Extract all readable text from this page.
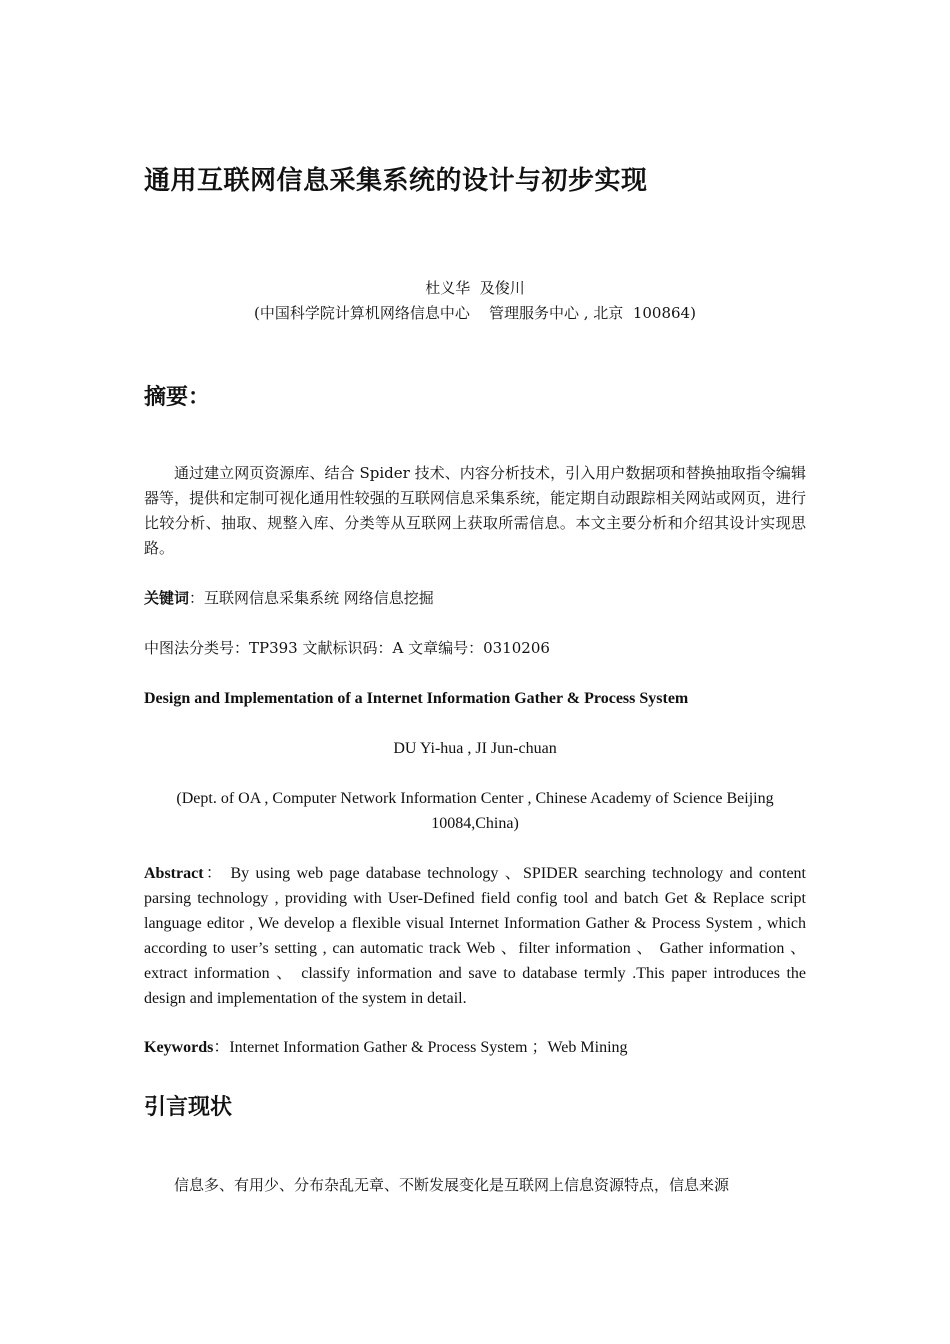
通用互联网信息采集系统的设计与初步实现
杜义华  及俊川
(中国科学院计算机网络信息中心    管理服务中心 , 北京  100864)
摘要：
通过建立网页资源库、结合 Spider 技术、内容分析技术，引入用户数据项和替换抽取指令编辑器等，提供和定制可视化通用性较强的互联网信息采集系统，能定期自动跟踪相关网站或网页，进行比较分析、抽取、规整入库、分类等从互联网上获取所需信息。本文主要分析和介绍其设计实现思路。
关键词：互联网信息采集系统 网络信息挖掘
中图法分类号：TP393 文献标识码：A 文章编号：0310206
Design and Implementation of a Internet Information Gather & Process System
DU Yi-hua , JI Jun-chuan
(Dept. of OA , Computer Network Information Center , Chinese Academy of Science Beijing 10084,China)
Abstract： By using web page database technology 、SPIDER searching technology and content parsing technology , providing with User-Defined field config tool and batch Get & Replace script language editor , We develop a flexible visual Internet Information Gather & Process System , which according to user’s setting , can automatic track Web 、filter information 、 Gather information 、 extract information 、 classify information and save to database termly .This paper introduces the design and implementation of the system in detail.
Keywords：Internet Information Gather & Process System ；Web Mining
引言现状
信息多、有用少、分布杂乱无章、不断发展变化是互联网上信息资源特点，信息来源
